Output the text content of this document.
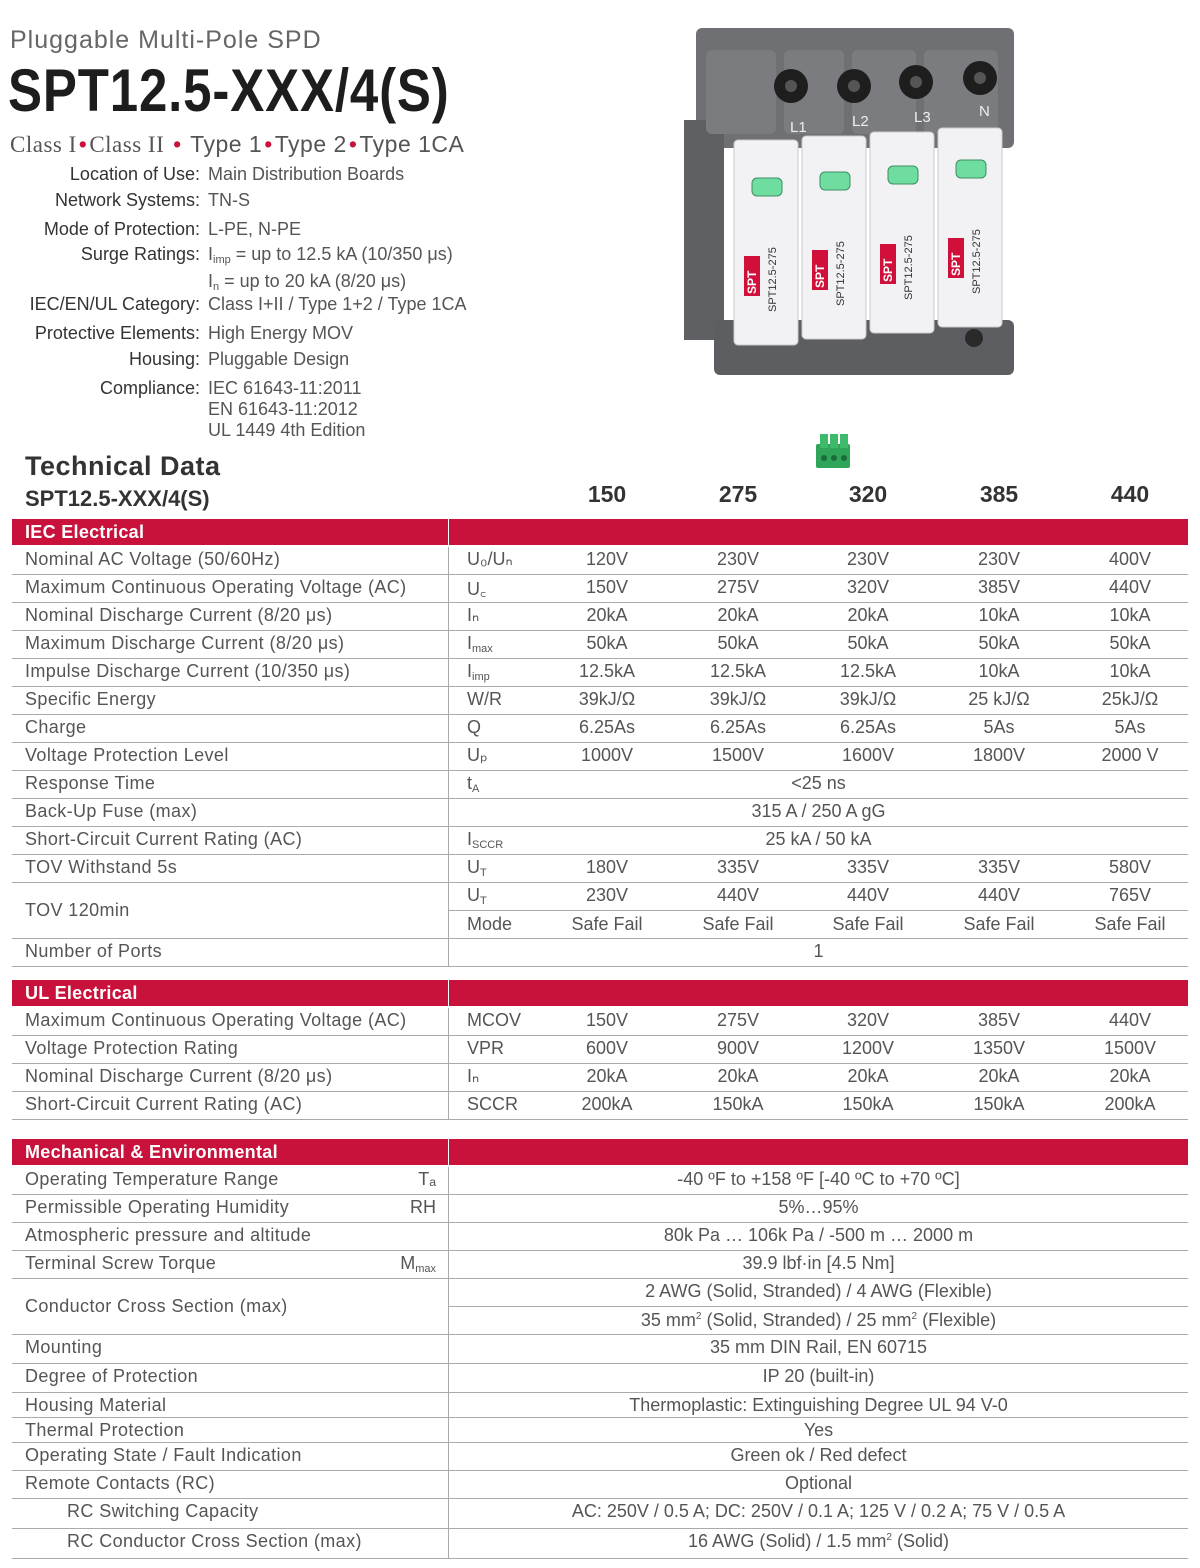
Pluggable Multi-Pole SPD
SPT12.5-XXX/4(S)
Class I•Class II • Type 1•Type 2•Type 1CA
Location of Use: Main Distribution Boards
Network Systems: TN-S
Mode of Protection: L-PE, N-PE
Surge Ratings: $I_{imp}$ = up to 12.5 kA (10/350 μs)
$I_n$ = up to 20 kA (8/20 μs)
IEC/EN/UL Category: Class I+II / Type 1+2 / Type 1CA
Protective Elements: High Energy MOV
Housing: Pluggable Design
Compliance: IEC 61643-11:2011
EN 61643-11:2012
UL 1449 4th Edition
L1	L2	L3	N
SPT SPT12.5-275	SPT SPT12.5-275	SPT SPT12.5-275	SPT SPT12.5-275
Technical Data
SPT12.5-XXX/4(S)	150	275	320	385	440
IEC Electrical
Nominal AC Voltage (50/60Hz)	U₀/Uₙ	120V	230V	230V	230V	400V
Maximum Continuous Operating Voltage (AC)	U꜀	150V	275V	320V	385V	440V
Nominal Discharge Current (8/20 μs)	Iₙ	20kA	20kA	20kA	10kA	10kA
Maximum Discharge Current (8/20 μs)	$I_{max}$	50kA	50kA	50kA	50kA	50kA
Impulse Discharge Current (10/350 μs)	$I_{imp}$	12.5kA	12.5kA	12.5kA	10kA	10kA
Specific Energy	W/R	39kJ/Ω	39kJ/Ω	39kJ/Ω	25 kJ/Ω	25kJ/Ω
Charge	Q	6.25As	6.25As	6.25As	5As	5As
Voltage Protection Level	Uₚ	1000V	1500V	1600V	1800V	2000 V
Response Time	$t_A$	<25 ns
Back-Up Fuse (max)	315 A / 250 A gG
Short-Circuit Current Rating (AC)	$I_{SCCR}$	25 kA / 50 kA
TOV Withstand 5s	$U_T$	180V	335V	335V	335V	580V
TOV 120min
$U_T$	230V	440V	440V	440V	765V
Mode	Safe Fail	Safe Fail	Safe Fail	Safe Fail	Safe Fail
Number of Ports	1
UL Electrical
Maximum Continuous Operating Voltage (AC)	MCOV	150V	275V	320V	385V	440V
Voltage Protection Rating	VPR	600V	900V	1200V	1350V	1500V
Nominal Discharge Current (8/20 μs)	Iₙ	20kA	20kA	20kA	20kA	20kA
Short-Circuit Current Rating (AC)	SCCR	200kA	150kA	150kA	150kA	200kA
Mechanical & Environmental
Operating Temperature Range	Tₐ	-40 ºF to +158 ºF [-40 ºC to +70 ºC]
Permissible Operating Humidity	RH	5%…95%
Atmospheric pressure and altitude	80k Pa … 106k Pa / -500 m … 2000 m
Terminal Screw Torque	$M_{max}$	39.9 lbf·in [4.5 Nm]
Conductor Cross Section (max)
2 AWG (Solid, Stranded) / 4 AWG (Flexible)
35 $mm^2$ (Solid, Stranded) / 25 $mm^2$ (Flexible)
Mounting	35 mm DIN Rail, EN 60715
Degree of Protection	IP 20 (built-in)
Housing Material	Thermoplastic: Extinguishing Degree UL 94 V-0
Thermal Protection	Yes
Operating State / Fault Indication	Green ok / Red defect
Remote Contacts (RC)	Optional
RC Switching Capacity	AC: 250V / 0.5 A; DC: 250V / 0.1 A; 125 V / 0.2 A; 75 V / 0.5 A
RC Conductor Cross Section (max)	16 AWG (Solid) / 1.5 $mm^2$ (Solid)
